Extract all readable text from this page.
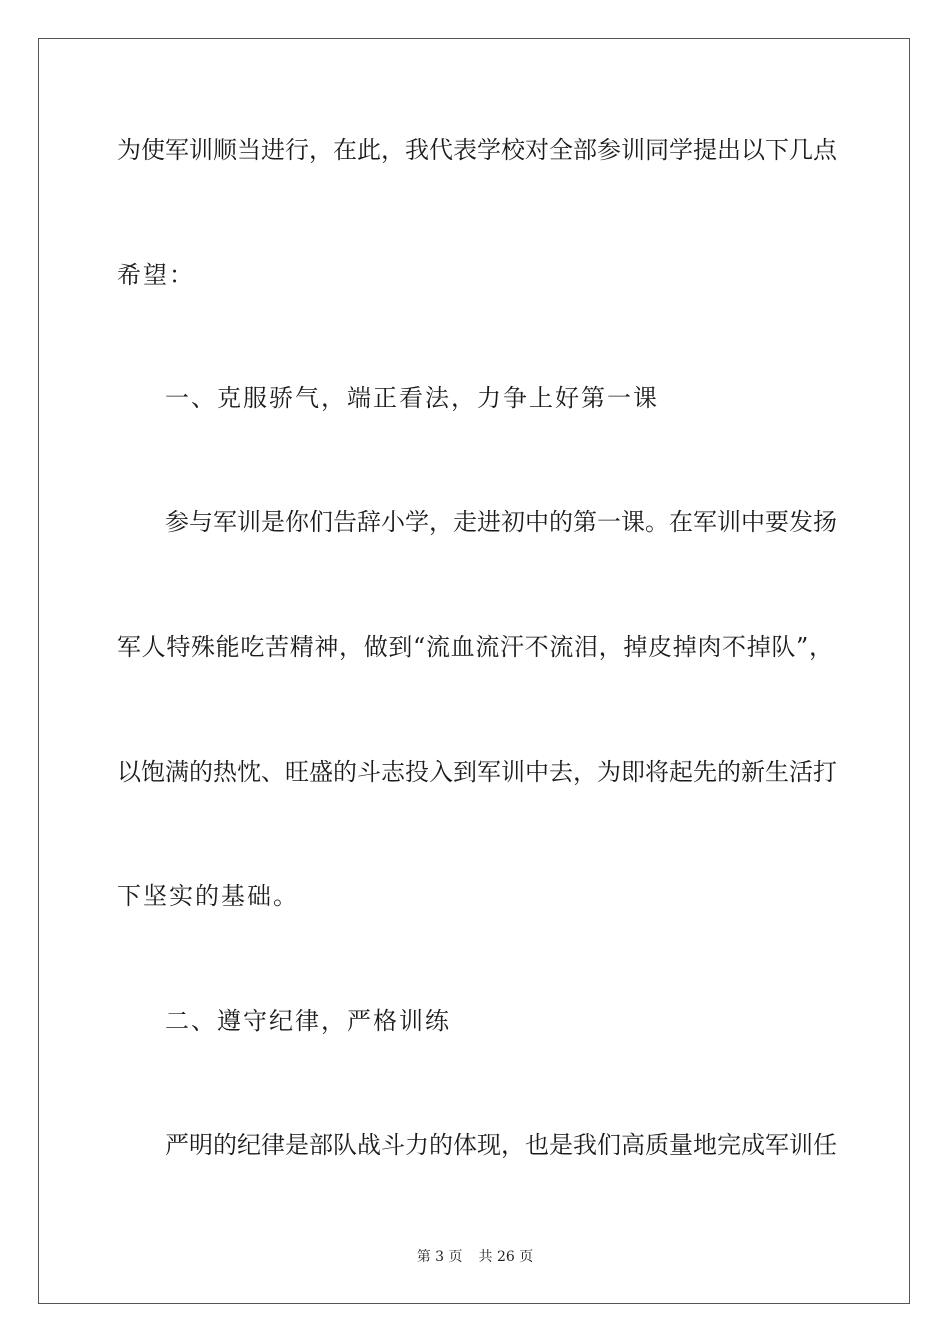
为使军训顺当进行，在此，我代表学校对全部参训同学提出以下几点
希望：
一、克服骄气，端正看法，力争上好第一课
参与军训是你们告辞小学，走进初中的第一课。在军训中要发扬
军人特殊能吃苦精神，做到“流血流汗不流泪，掉皮掉肉不掉队”，
以饱满的热忱、旺盛的斗志投入到军训中去，为即将起先的新生活打
下坚实的基础。
二、遵守纪律，严格训练
严明的纪律是部队战斗力的体现，也是我们高质量地完成军训任
第 3 页 共 26 页
